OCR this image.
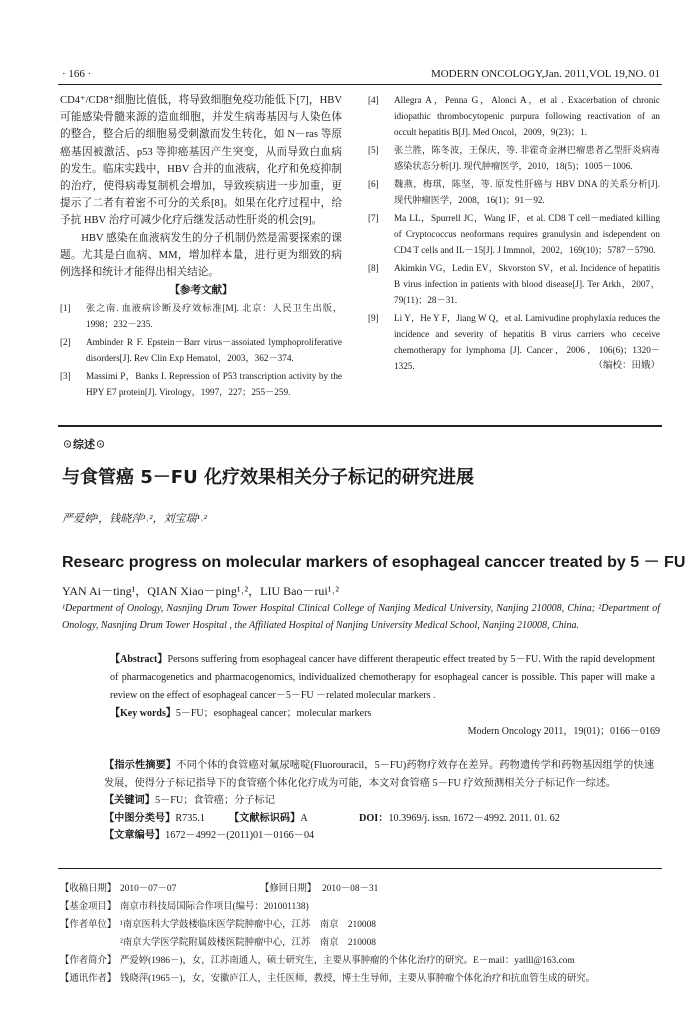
· 166 ·	MODERN ONCOLOGY,Jan. 2011,VOL 19,NO. 01

CD4⁺/CD8⁺细胞比值低，将导致细胞免疫功能低下[7]，HBV可能感染骨髓来源的造血细胞，并发生病毒基因与人染色体的整合，整合后的细胞易受刺激而发生转化，如 N－ras 等原癌基因被激活、p53 等抑癌基因产生突变，从而导致白血病的发生。临床实践中，HBV 合并的血液病，化疗和免疫抑制的治疗，使得病毒复制机会增加，导致疾病进一步加重，更提示了二者有着密不可分的关系[8]。如果在化疗过程中，给予抗 HBV 治疗可减少化疗后继发活动性肝炎的机会[9]。

HBV 感染在血液病发生的分子机制仍然是需要探索的课题。尤其是白血病、MM，增加样本量，进行更为细致的病例选择和统计才能得出相关结论。

【参考文献】
[1]	张之南. 血液病诊断及疗效标准[M]. 北京：人民卫生出版，1998；232－235.
[2]	Ambinder R F. Epstein－Barr virus－assoiated lymphoproliferative disorders[J]. Rev Clin Exp Hematol，2003，362－374.
[3]	Massimi P，Banks I. Repression of P53 transcription activity by the HPY E7 protein[J]. Virology，1997，227；255－259.
[4]	Allegra A，Penna G，Alonci A，et al . Exacerbation of chronic idiopathic thrombocytopenic purpura following reactivation of an occult hepatitis B[J]. Med Oncol，2009，9(23)；1.
[5]	张兰胜，陈冬波，王保庆，等. 非霍奇金淋巴瘤患者乙型肝炎病毒感染状态分析[J]. 现代肿瘤医学，2010，18(5)；1005－1006.
[6]	魏燕，梅琪，陈坚，等. 原发性肝癌与 HBV DNA 的关系分析[J]. 现代肿瘤医学，2008，16(1)；91－92.
[7]	Ma LL，Spurrell JC，Wang IF，et al. CD8 T cell－mediated killing of Cryptococcus neoformans requires granulysin and isdependent on CD4 T cells and IL－15[J]. J Immnol，2002，169(10)；5787－5790.
[8]	Akimkin VG，Ledin EV，Skvorston SV，et al. Incidence of hepatitis B virus infection in patients with blood disease[J]. Ter Arkh，2007，79(11)；28－31.
[9]	Li Y，He Y F，Jiang W Q，et al. Lamivudine prophylaxia reduces the incidence and severity of hepatitis B virus carriers who ceceive chemotherapy for lymphoma [J]. Cancer，2006，106(6)；1320－1325.	（编校：田娥）
☉综述☉
与食管癌 5－FU 化疗效果相关分子标记的研究进展
严爱婷¹，钱晓萍¹˒²，刘宝瑞¹˒²
Researc progress on molecular markers of esophageal canccer treated by 5 － FU
YAN Ai－ting¹，QIAN Xiao－ping¹˒²，LIU Bao－rui¹˒²
¹Department of Onology, Nasnjing Drum Tower Hospital Clinical College of Nanjing Medical University, Nanjing 210008, China; ²Department of Onology, Nasnjing Drum Tower Hospital , the Affiliated Hospital of Nanjing University Medical School, Nanjing 210008, China.
【Abstract】Persons suffering from esophageal cancer have different therapeutic effect treated by 5－FU. With the rapid development of pharmacogenetics and pharmacogenomics, individualized chemotherapy for esophageal cancer is possible. This paper will make a review on the effect of esophageal cancer－5－FU －related molecular markers .
【Key words】5－FU；esophageal cancer；molecular markers
Modern Oncology 2011，19(01)；0166－0169
【指示性摘要】不同个体的食管癌对氟尿嘧啶(Fluorouracil，5－FU)药物疗效存在差异。药物遗传学和药物基因组学的快速发展，使得分子标记指导下的食管癌个体化化疗成为可能，本文对食管癌 5－FU 疗效预测相关分子标记作一综述。
【关键词】5－FU；食管癌；分子标记
【中图分类号】R735.1 【文献标识码】A	DOI：10.3969/j. issn. 1672－4992. 2011. 01. 62
【文章编号】1672－4992－(2011)01－0166－04
【收稿日期】 2010－07－07	【修回日期】 2010－08－31
【基金项目】 南京市科技局国际合作项目(编号：201001138)
【作者单位】 ¹南京医科大学鼓楼临床医学院肿瘤中心，江苏　南京　210008
²南京大学医学院附属鼓楼医院肿瘤中心，江苏　南京　210008
【作者简介】 严爱婷(1986－)，女，江苏南通人，硕士研究生，主要从事肿瘤的个体化治疗的研究。E－mail：yatlll@163.com
【通讯作者】 钱晓萍(1965－)，女，安徽庐江人，主任医师，教授，博士生导师，主要从事肿瘤个体化治疗和抗血管生成的研究。
